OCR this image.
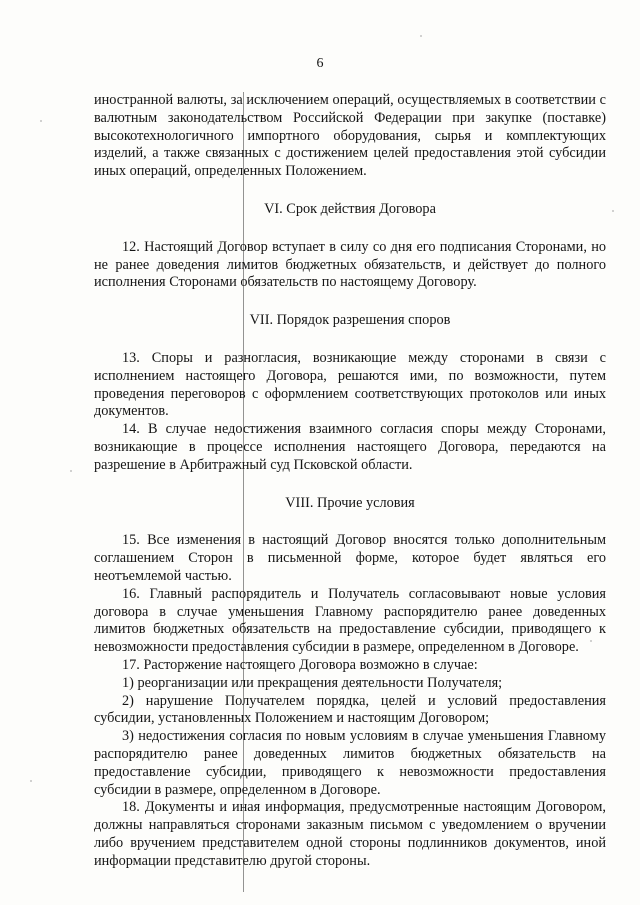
6

иностранной валюты, за исключением операций, осуществляемых в соответствии с валютным законодательством Российской Федерации при закупке (поставке) высокотехнологичного импортного оборудования, сырья и комплектующих изделий, а также связанных с достижением целей предоставления этой субсидии иных операций, определенных Положением.

VI. Срок действия Договора

12. Настоящий Договор вступает в силу со дня его подписания Сторонами, но не ранее доведения лимитов бюджетных обязательств, и действует до полного исполнения Сторонами обязательств по настоящему Договору.

VII. Порядок разрешения споров

13. Споры и разногласия, возникающие между сторонами в связи с исполнением настоящего Договора, решаются ими, по возможности, путем проведения переговоров с оформлением соответствующих протоколов или иных документов.

14. В случае недостижения взаимного согласия споры между Сторонами, возникающие в процессе исполнения настоящего Договора, передаются на разрешение в Арбитражный суд Псковской области.

VIII. Прочие условия

15. Все изменения в настоящий Договор вносятся только дополнительным соглашением Сторон в письменной форме, которое будет являться его неотъемлемой частью.

16. Главный распорядитель и Получатель согласовывают новые условия договора в случае уменьшения Главному распорядителю ранее доведенных лимитов бюджетных обязательств на предоставление субсидии, приводящего к невозможности предоставления субсидии в размере, определенном в Договоре.

17. Расторжение настоящего Договора возможно в случае:

1) реорганизации или прекращения деятельности Получателя;

2) нарушение Получателем порядка, целей и условий предоставления субсидии, установленных Положением и настоящим Договором;

3) недостижения согласия по новым условиям в случае уменьшения Главному распорядителю ранее доведенных лимитов бюджетных обязательств на предоставление субсидии, приводящего к невозможности предоставления субсидии в размере, определенном в Договоре.

18. Документы и иная информация, предусмотренные настоящим Договором, должны направляться сторонами заказным письмом с уведомлением о вручении либо вручением представителем одной стороны подлинников документов, иной информации представителю другой стороны.
